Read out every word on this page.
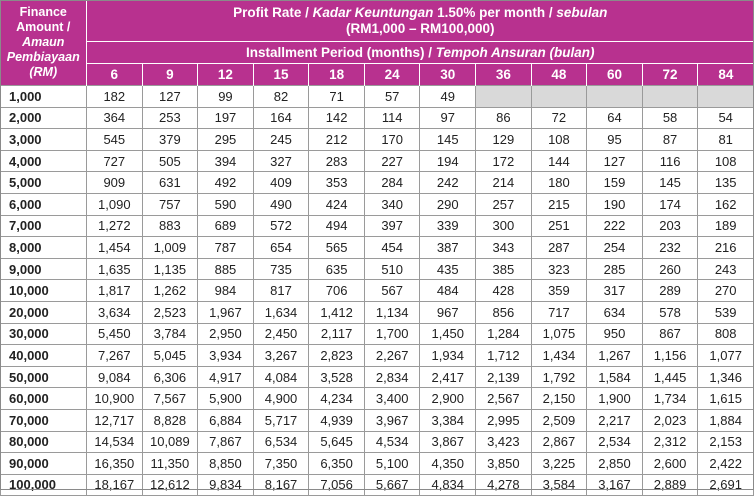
Finance
Amount /
Amaun
Pembiayaan
(RM)	Profit Rate / Kadar Keuntungan 1.50% per month / sebulan
(RM1,000 – RM100,000)											
	Installment Period (months) / Tempoh Ansuran (bulan)											
	6	9	12	15	18	24	30	36	48	60	72	84
1,000	182	127	99	82	71	57	49					
2,000	364	253	197	164	142	114	97	86	72	64	58	54
3,000	545	379	295	245	212	170	145	129	108	95	87	81
4,000	727	505	394	327	283	227	194	172	144	127	116	108
5,000	909	631	492	409	353	284	242	214	180	159	145	135
6,000	1,090	757	590	490	424	340	290	257	215	190	174	162
7,000	1,272	883	689	572	494	397	339	300	251	222	203	189
8,000	1,454	1,009	787	654	565	454	387	343	287	254	232	216
9,000	1,635	1,135	885	735	635	510	435	385	323	285	260	243
10,000	1,817	1,262	984	817	706	567	484	428	359	317	289	270
20,000	3,634	2,523	1,967	1,634	1,412	1,134	967	856	717	634	578	539
30,000	5,450	3,784	2,950	2,450	2,117	1,700	1,450	1,284	1,075	950	867	808
40,000	7,267	5,045	3,934	3,267	2,823	2,267	1,934	1,712	1,434	1,267	1,156	1,077
50,000	9,084	6,306	4,917	4,084	3,528	2,834	2,417	2,139	1,792	1,584	1,445	1,346
60,000	10,900	7,567	5,900	4,900	4,234	3,400	2,900	2,567	2,150	1,900	1,734	1,615
70,000	12,717	8,828	6,884	5,717	4,939	3,967	3,384	2,995	2,509	2,217	2,023	1,884
80,000	14,534	10,089	7,867	6,534	5,645	4,534	3,867	3,423	2,867	2,534	2,312	2,153
90,000	16,350	11,350	8,850	7,350	6,350	5,100	4,350	3,850	3,225	2,850	2,600	2,422
100,000	18,167	12,612	9,834	8,167	7,056	5,667	4,834	4,278	3,584	3,167	2,889	2,691
